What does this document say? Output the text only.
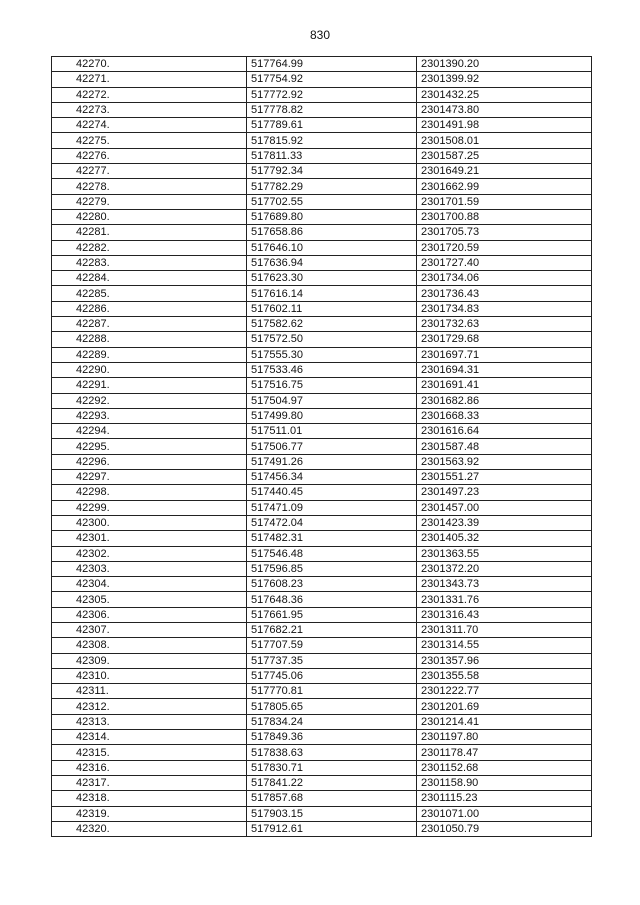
830
42270.	517764.99	2301390.20
42271.	517754.92	2301399.92
42272.	517772.92	2301432.25
42273.	517778.82	2301473.80
42274.	517789.61	2301491.98
42275.	517815.92	2301508.01
42276.	517811.33	2301587.25
42277.	517792.34	2301649.21
42278.	517782.29	2301662.99
42279.	517702.55	2301701.59
42280.	517689.80	2301700.88
42281.	517658.86	2301705.73
42282.	517646.10	2301720.59
42283.	517636.94	2301727.40
42284.	517623.30	2301734.06
42285.	517616.14	2301736.43
42286.	517602.11	2301734.83
42287.	517582.62	2301732.63
42288.	517572.50	2301729.68
42289.	517555.30	2301697.71
42290.	517533.46	2301694.31
42291.	517516.75	2301691.41
42292.	517504.97	2301682.86
42293.	517499.80	2301668.33
42294.	517511.01	2301616.64
42295.	517506.77	2301587.48
42296.	517491.26	2301563.92
42297.	517456.34	2301551.27
42298.	517440.45	2301497.23
42299.	517471.09	2301457.00
42300.	517472.04	2301423.39
42301.	517482.31	2301405.32
42302.	517546.48	2301363.55
42303.	517596.85	2301372.20
42304.	517608.23	2301343.73
42305.	517648.36	2301331.76
42306.	517661.95	2301316.43
42307.	517682.21	2301311.70
42308.	517707.59	2301314.55
42309.	517737.35	2301357.96
42310.	517745.06	2301355.58
42311.	517770.81	2301222.77
42312.	517805.65	2301201.69
42313.	517834.24	2301214.41
42314.	517849.36	2301197.80
42315.	517838.63	2301178.47
42316.	517830.71	2301152.68
42317.	517841.22	2301158.90
42318.	517857.68	2301115.23
42319.	517903.15	2301071.00
42320.	517912.61	2301050.79
